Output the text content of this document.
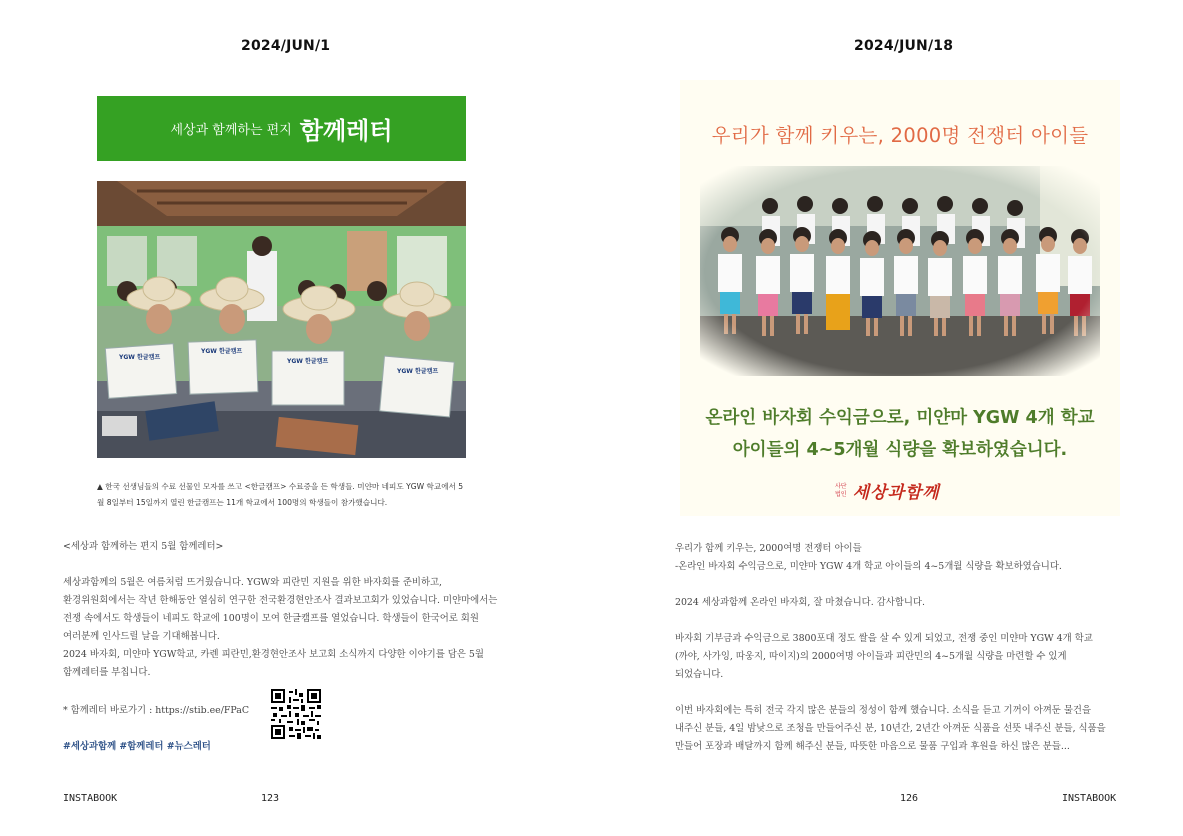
2024/JUN/1
세상과 함께하는 편지 함께레터
YGW 한글캠프
YGW 한글캠프
YGW 한글캠프
YGW 한글캠프
▲ 한국 선생님들의 수료 선물인 모자를 쓰고 <한글캠프> 수료증을 든 학생들. 미얀마 네피도 YGW 학교에서 5월 8일부터 15일까지 열린 한글캠프는 11개 학교에서 100명의 학생들이 참가했습니다.

<세상과 함께하는 편지 5월 함께레터>

세상과함께의 5월은 여름처럼 뜨거웠습니다. YGW와 피란민 지원을 위한 바자회를 준비하고,

환경위원회에서는 작년 한해동안 열심히 연구한 전국환경현안조사 결과보고회가 있었습니다. 미얀마에서는

전쟁 속에서도 학생들이 네피도 학교에 100명이 모여 한글캠프를 열었습니다. 학생들이 한국어로 회원

여러분께 인사드릴 날을 기대해봅니다.

2024 바자회, 미얀마 YGW학교, 카렌 피란민,환경현안조사 보고회 소식까지 다양한 이야기를 담은 5월

함께레터를 부칩니다.

* 함께레터 바로가기 : https://stib.ee/FPaC
#세상과함께 #함께레터 #뉴스레터
INSTABOOK	123
2024/JUN/18
우리가 함께 키우는, 2000명 전쟁터 아이들
온라인 바자회 수익금으로, 미얀마 YGW 4개 학교
아이들의 4~5개월 식량을 확보하였습니다.
사단
법인 세상과함께

우리가 함께 키우는, 2000여명 전쟁터 아이들

-온라인 바자회 수익금으로, 미얀마 YGW 4개 학교 아이들의 4~5개월 식량을 확보하였습니다.

2024 세상과함께 온라인 바자회, 잘 마쳤습니다. 감사합니다.

바자회 기부금과 수익금으로 3800포대 정도 쌀을 살 수 있게 되었고, 전쟁 중인 미얀마 YGW 4개 학교

(까야, 사가잉, 따웅지, 따이지)의 2000여명 아이들과 피란민의 4~5개월 식량을 마련할 수 있게

되었습니다.

이번 바자회에는 특히 전국 각지 많은 분들의 정성이 함께 했습니다. 소식을 듣고 기꺼이 아껴둔 물건을

내주신 분들, 4일 밤낮으로 조청을 만들어주신 분, 10년간, 2년간 아껴둔 식품을 선뜻 내주신 분들, 식품을

만들어 포장과 배달까지 함께 해주신 분들, 따뜻한 마음으로 물품 구입과 후원을 하신 많은 분들...

126	INSTABOOK
